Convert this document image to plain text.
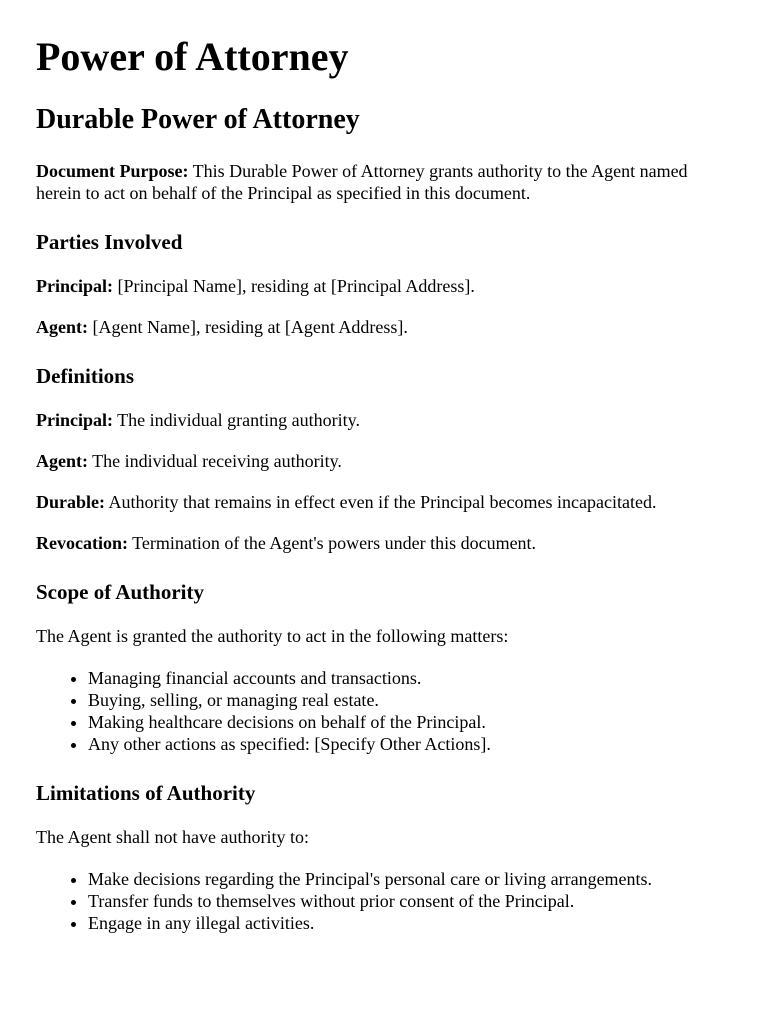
Power of Attorney
Durable Power of Attorney

Document Purpose: This Durable Power of Attorney grants authority to the Agent named herein to act on behalf of the Principal as specified in this document.

Parties Involved

Principal: [Principal Name], residing at [Principal Address].

Agent: [Agent Name], residing at [Agent Address].

Definitions

Principal: The individual granting authority.

Agent: The individual receiving authority.

Durable: Authority that remains in effect even if the Principal becomes incapacitated.

Revocation: Termination of the Agent's powers under this document.

Scope of Authority

The Agent is granted the authority to act in the following matters:

• Managing financial accounts and transactions.
• Buying, selling, or managing real estate.
• Making healthcare decisions on behalf of the Principal.
• Any other actions as specified: [Specify Other Actions].
Limitations of Authority

The Agent shall not have authority to:

• Make decisions regarding the Principal's personal care or living arrangements.
• Transfer funds to themselves without prior consent of the Principal.
• Engage in any illegal activities.
